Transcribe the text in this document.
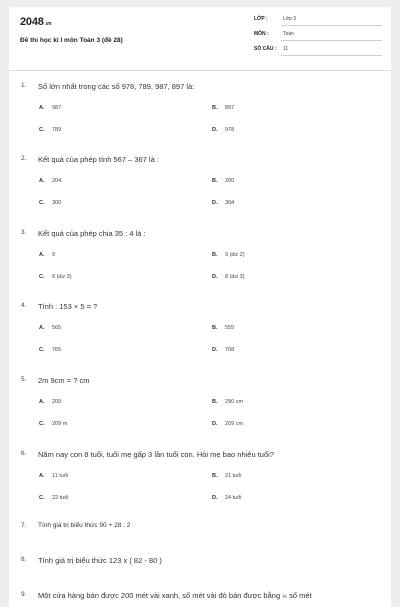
2048.vn
Đề thi học kì I môn Toán 3 (đề 28)
LỚP :	Lớp 3
MÔN :	Toán
SỐ CÂU : 11
1. Số lớn nhất trong các số 978, 789, 987, 897 là:
A. 987	B. 897
C. 789	D. 978
2. Kết quả của phép tính 567 – 367 là :
A. 204	B. 200
C. 300	D. 304
3. Kết quả của phép chia 35 : 4 là :
A. 9	B. 9 (dư 2)
C. 9 (dư 3)	D. 8 (dư 3)
4. Tính : 153 × 5 = ?
A. 565	B. 555
C. 765	D. 768
5. 2m 9cm = ? cm
A. 209	B. 290 cm
C. 209 m	D. 209 cm
6. Năm nay con 8 tuổi, tuổi mẹ gấp 3 lần tuổi con. Hỏi mẹ bao nhiêu tuổi?
A. 11 tuổi	B. 21 tuổi
C. 22 tuổi	D. 24 tuổi
7. Tính giá trị biểu thức 90 + 28 : 2
8. Tính giá trị biểu thức 123 x ( 82 - 80 )
9. Một cửa hàng bán được 200 mét vải xanh, số mét vải đỏ bán được bằng ⅕ số mét
